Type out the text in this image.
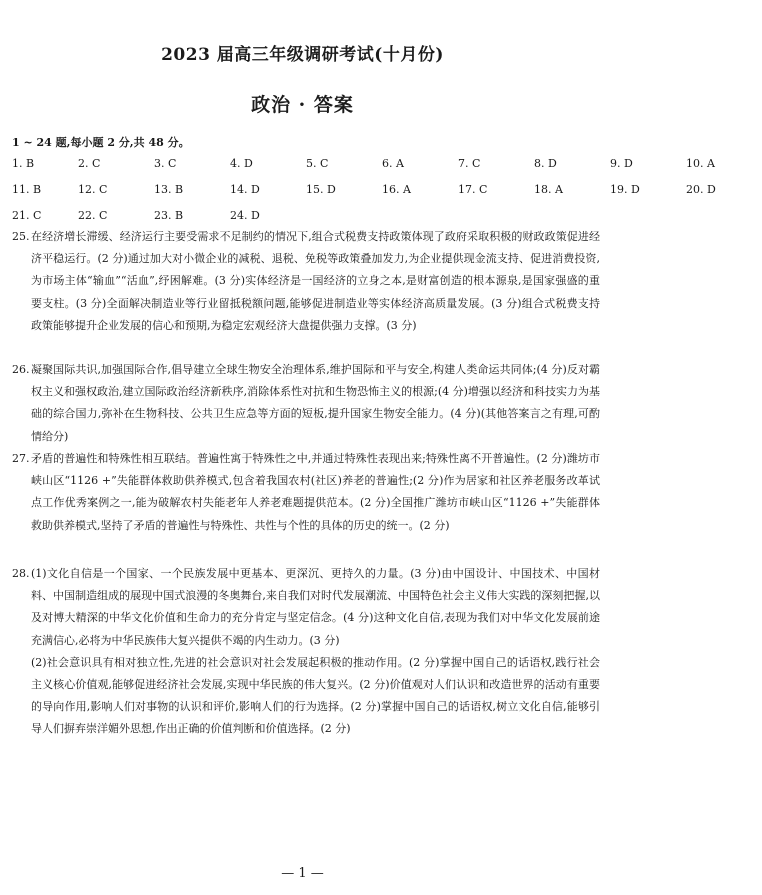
2023 届高三年级调研考试(十月份)
政治 · 答案
1 ~ 24 题,每小题 2 分,共 48 分。
1. B	2. C	3. C	4. D	5. C	6. A	7. C	8. D	9. D	10. A
11. B	12. C	13. B	14. D	15. D	16. A	17. C	18. A	19. D	20. D
21. C	22. C	23. B	24. D
25. 在经济增长滞缓、经济运行主要受需求不足制约的情况下,组合式税费支持政策体现了政府采取积极的财政政策促进经济平稳运行。(2 分)通过加大对小微企业的减税、退税、免税等政策叠加发力,为企业提供现金流支持、促进消费投资,为市场主体“输血”“活血”,纾困解难。(3 分)实体经济是一国经济的立身之本,是财富创造的根本源泉,是国家强盛的重要支柱。(3 分)全面解决制造业等行业留抵税额问题,能够促进制造业等实体经济高质量发展。(3 分)组合式税费支持政策能够提升企业发展的信心和预期,为稳定宏观经济大盘提供强力支撑。(3 分)
26. 凝聚国际共识,加强国际合作,倡导建立全球生物安全治理体系,维护国际和平与安全,构建人类命运共同体;(4 分)反对霸权主义和强权政治,建立国际政治经济新秩序,消除体系性对抗和生物恐怖主义的根源;(4 分)增强以经济和科技实力为基础的综合国力,弥补在生物科技、公共卫生应急等方面的短板,提升国家生物安全能力。(4 分)(其他答案言之有理,可酌情给分)
27. 矛盾的普遍性和特殊性相互联结。普遍性寓于特殊性之中,并通过特殊性表现出来;特殊性离不开普遍性。(2 分)潍坊市峡山区“1126 +”失能群体救助供养模式,包含着我国农村(社区)养老的普遍性;(2 分)作为居家和社区养老服务改革试点工作优秀案例之一,能为破解农村失能老年人养老难题提供范本。(2 分)全国推广潍坊市峡山区“1126 +”失能群体救助供养模式,坚持了矛盾的普遍性与特殊性、共性与个性的具体的历史的统一。(2 分)
28. (1)文化自信是一个国家、一个民族发展中更基本、更深沉、更持久的力量。(3 分)由中国设计、中国技术、中国材料、中国制造组成的展现中国式浪漫的冬奥舞台,来自我们对时代发展潮流、中国特色社会主义伟大实践的深刻把握,以及对博大精深的中华文化价值和生命力的充分肯定与坚定信念。(4 分)这种文化自信,表现为我们对中华文化发展前途充满信心,必将为中华民族伟大复兴提供不竭的内生动力。(3 分)

(2)社会意识具有相对独立性,先进的社会意识对社会发展起积极的推动作用。(2 分)掌握中国自己的话语权,践行社会主义核心价值观,能够促进经济社会发展,实现中华民族的伟大复兴。(2 分)价值观对人们认识和改造世界的活动有重要的导向作用,影响人们对事物的认识和评价,影响人们的行为选择。(2 分)掌握中国自己的话语权,树立文化自信,能够引导人们摒弃崇洋媚外思想,作出正确的价值判断和价值选择。(2 分)

— 1 —
